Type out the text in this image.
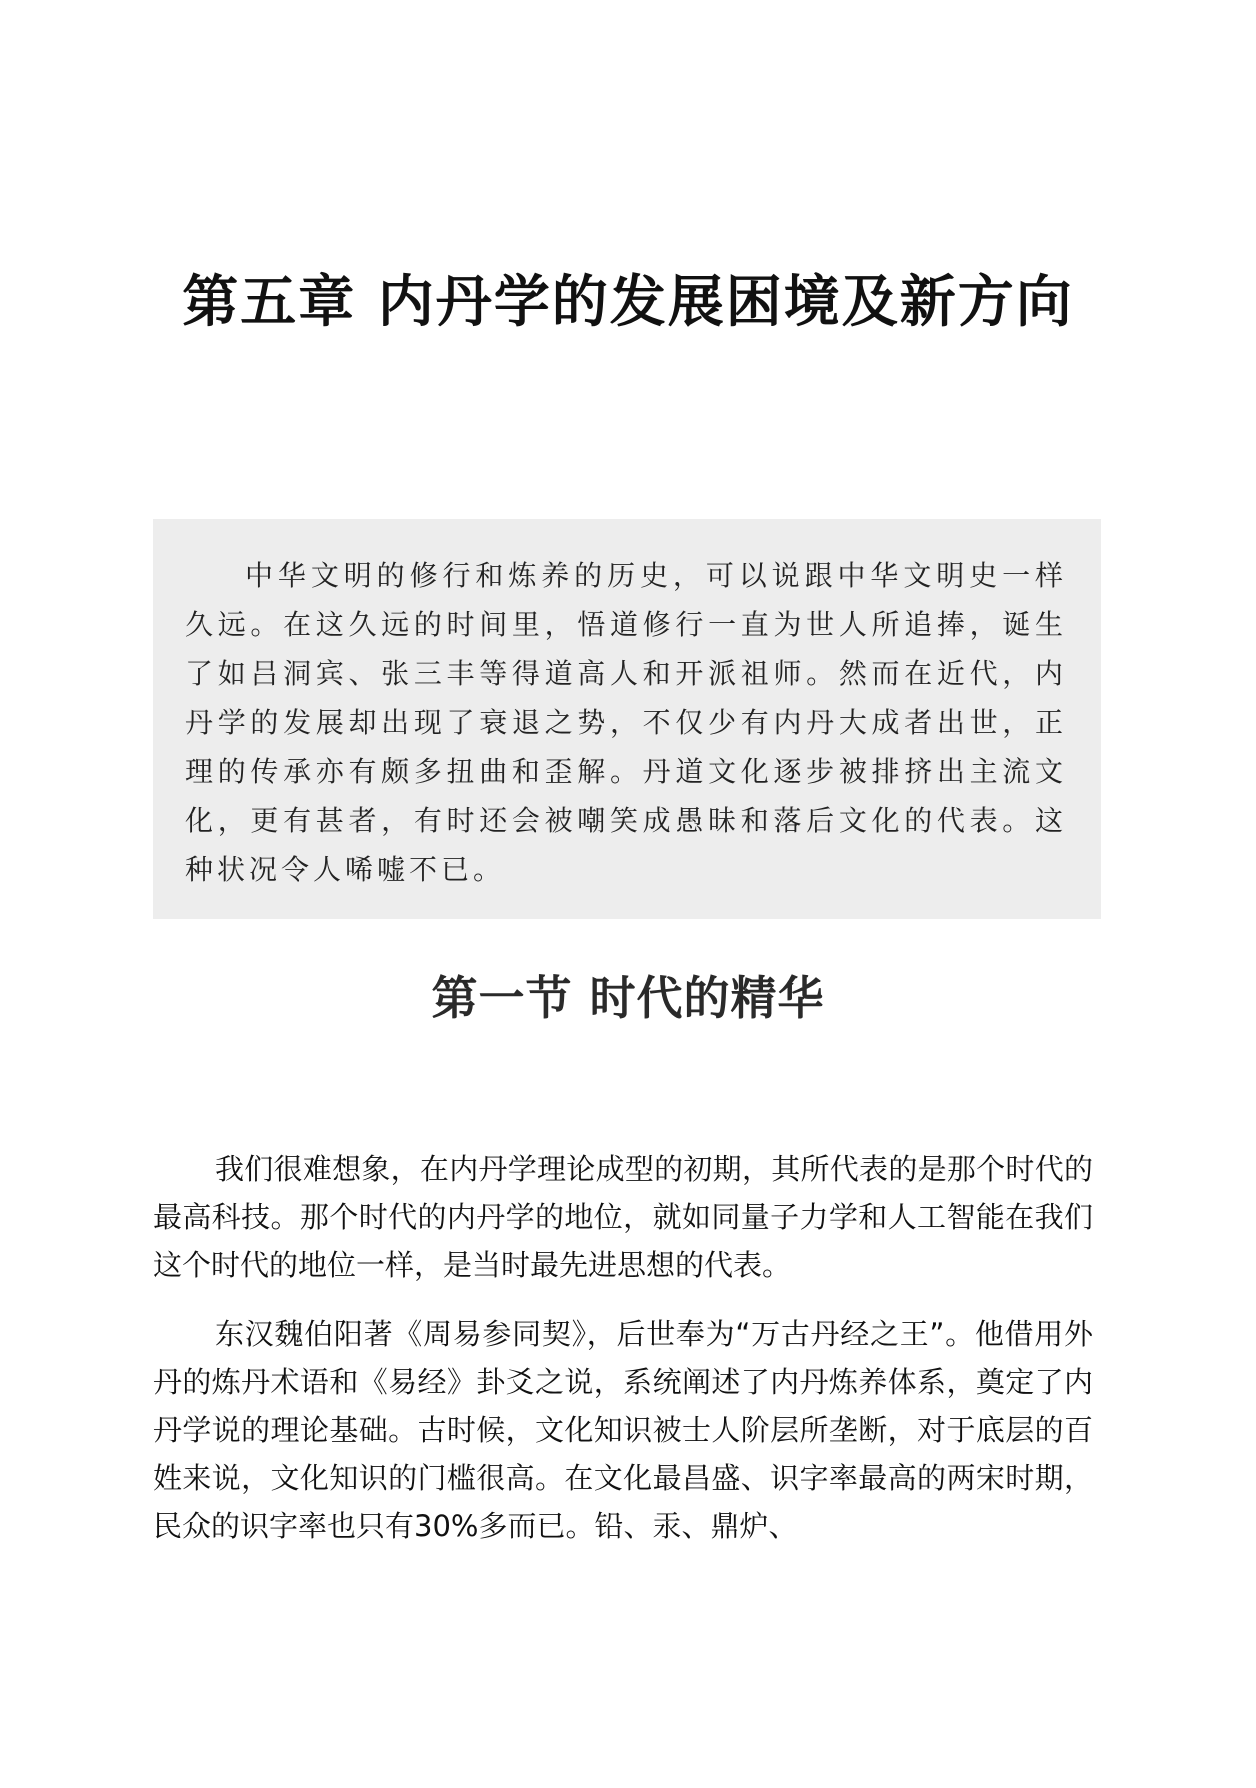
第五章 内丹学的发展困境及新方向

中华文明的修行和炼养的历史，可以说跟中华文明史一样久远。在这久远的时间里，悟道修行一直为世人所追捧，诞生了如吕洞宾、张三丰等得道高人和开派祖师。然而在近代，内丹学的发展却出现了衰退之势，不仅少有内丹大成者出世，正理的传承亦有颇多扭曲和歪解。丹道文化逐步被排挤出主流文化，更有甚者，有时还会被嘲笑成愚昧和落后文化的代表。这种状况令人唏嘘不已。

第一节 时代的精华

我们很难想象，在内丹学理论成型的初期，其所代表的是那个时代的最高科技。那个时代的内丹学的地位，就如同量子力学和人工智能在我们这个时代的地位一样，是当时最先进思想的代表。

东汉魏伯阳著《周易参同契》，后世奉为“万古丹经之王”。他借用外丹的炼丹术语和《易经》卦爻之说，系统阐述了内丹炼养体系，奠定了内丹学说的理论基础。古时候，文化知识被士人阶层所垄断，对于底层的百姓来说，文化知识的门槛很高。在文化最昌盛、识字率最高的两宋时期，民众的识字率也只有30%多而已。铅、汞、鼎炉、
